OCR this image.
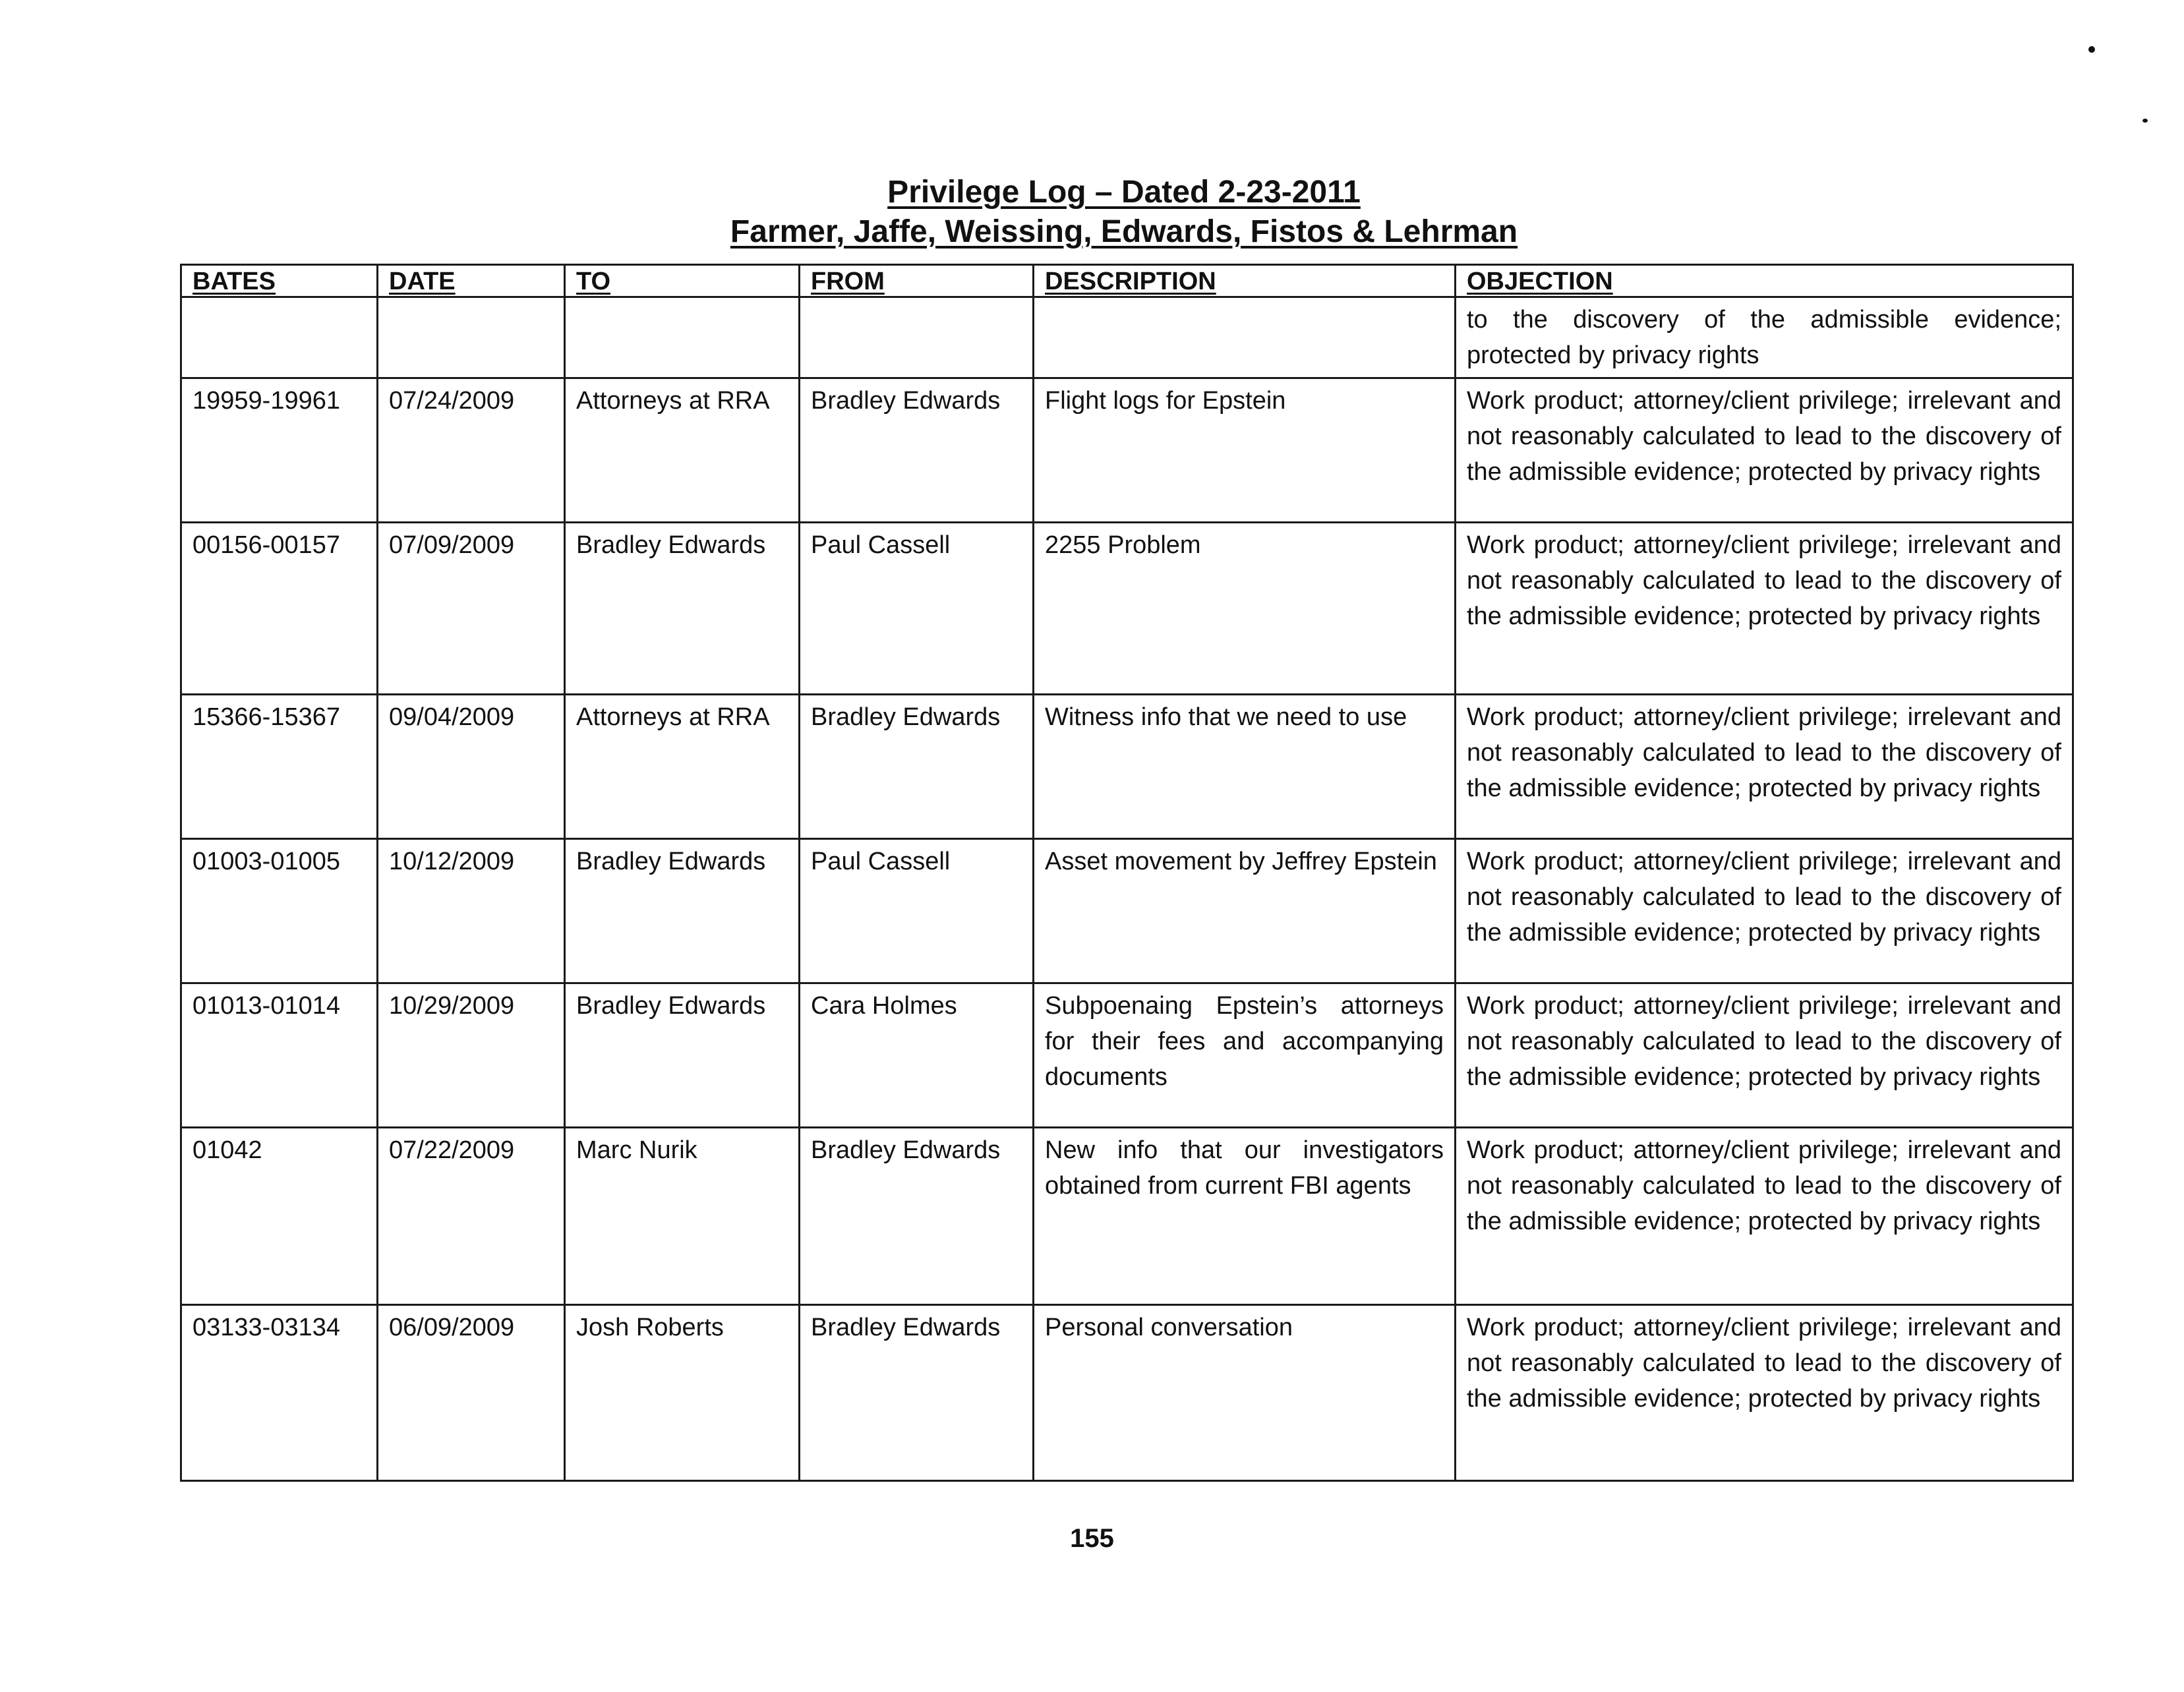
Privilege Log – Dated 2-23-2011
Farmer, Jaffe, Weissing, Edwards, Fistos & Lehrman
BATES	DATE	TO	FROM	DESCRIPTION	OBJECTION
					to the discovery of the admissible evidence; protected by privacy rights
19959-19961	07/24/2009	Attorneys at RRA	Bradley Edwards	Flight logs for Epstein	Work product; attorney/client privilege; irrelevant and not reasonably calculated to lead to the discovery of the admissible evidence; protected by privacy rights
00156-00157	07/09/2009	Bradley Edwards	Paul Cassell	2255 Problem	Work product; attorney/client privilege; irrelevant and not reasonably calculated to lead to the discovery of the admissible evidence; protected by privacy rights
15366-15367	09/04/2009	Attorneys at RRA	Bradley Edwards	Witness info that we need to use	Work product; attorney/client privilege; irrelevant and not reasonably calculated to lead to the discovery of the admissible evidence; protected by privacy rights
01003-01005	10/12/2009	Bradley Edwards	Paul Cassell	Asset movement by Jeffrey Epstein	Work product; attorney/client privilege; irrelevant and not reasonably calculated to lead to the discovery of the admissible evidence; protected by privacy rights
01013-01014	10/29/2009	Bradley Edwards	Cara Holmes	Subpoenaing Epstein’s attorneys for their fees and accompanying documents	Work product; attorney/client privilege; irrelevant and not reasonably calculated to lead to the discovery of the admissible evidence; protected by privacy rights
01042	07/22/2009	Marc Nurik	Bradley Edwards	New info that our investigators obtained from current FBI agents	Work product; attorney/client privilege; irrelevant and not reasonably calculated to lead to the discovery of the admissible evidence; protected by privacy rights
03133-03134	06/09/2009	Josh Roberts	Bradley Edwards	Personal conversation	Work product; attorney/client privilege; irrelevant and not reasonably calculated to lead to the discovery of the admissible evidence; protected by privacy rights
155
